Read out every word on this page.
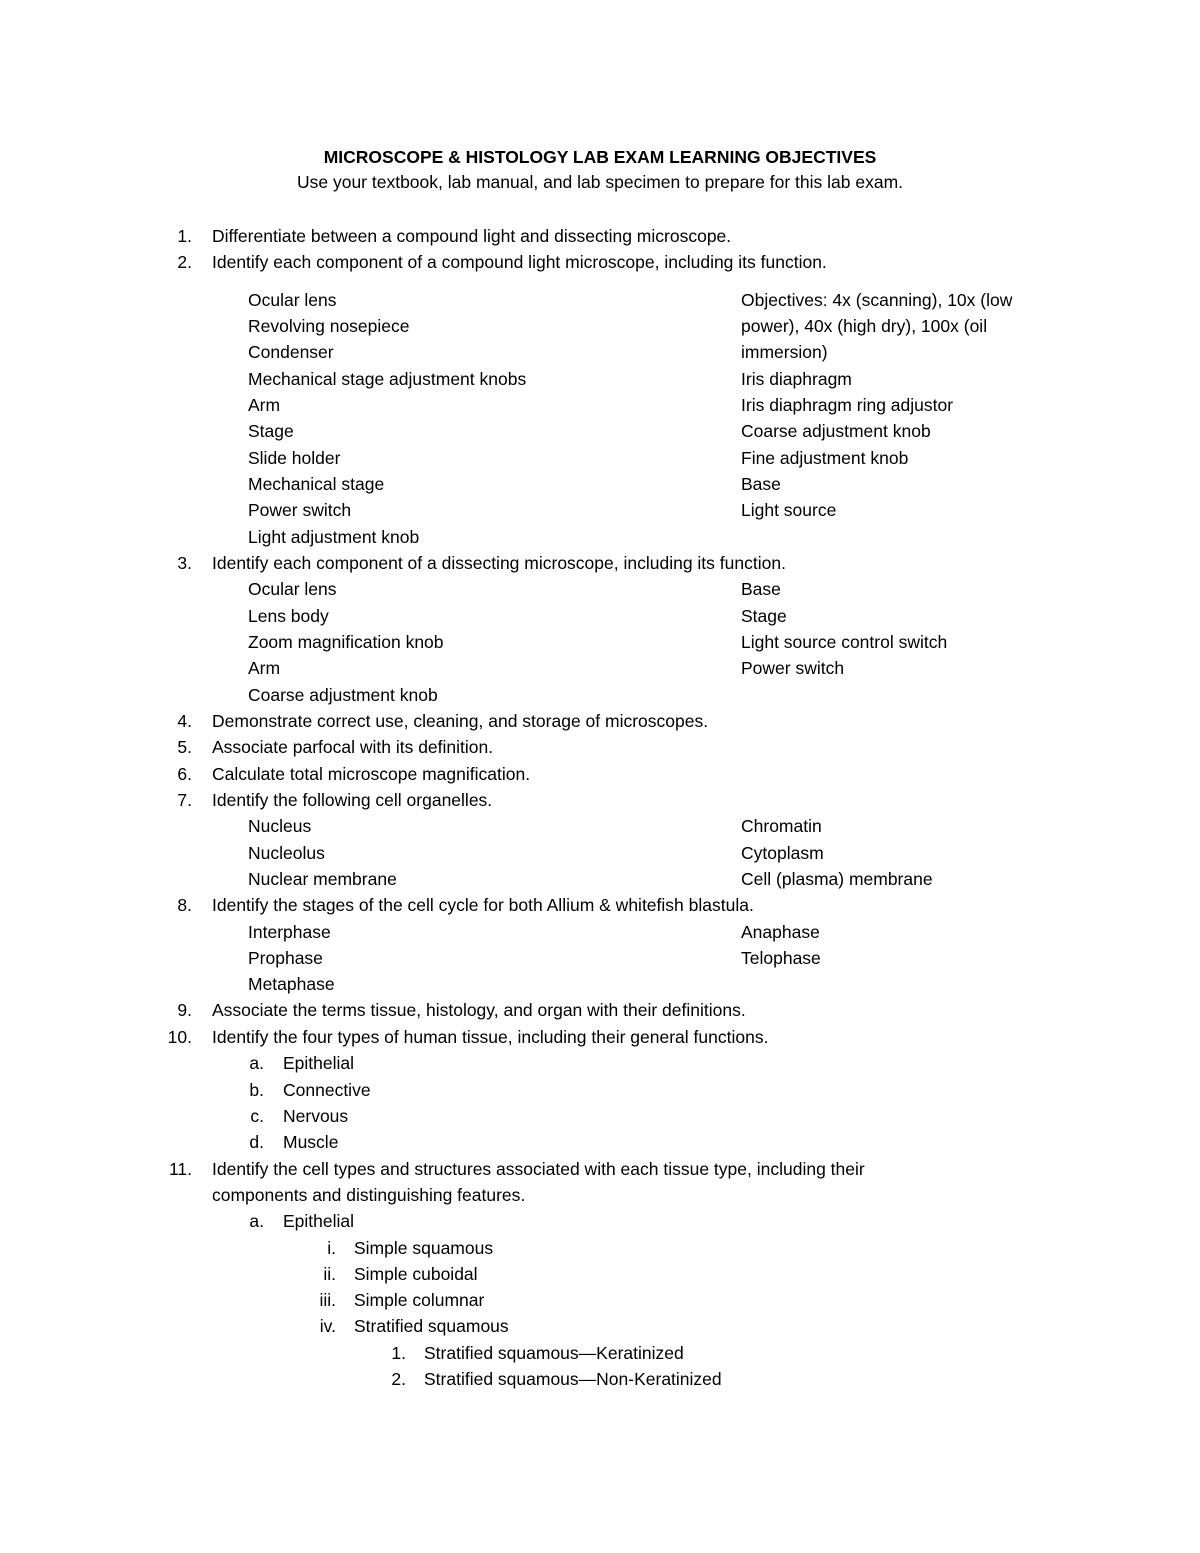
MICROSCOPE & HISTOLOGY LAB EXAM LEARNING OBJECTIVES
Use your textbook, lab manual, and lab specimen to prepare for this lab exam.
1. Differentiate between a compound light and dissecting microscope.
2. Identify each component of a compound light microscope, including its function.
Ocular lens
Revolving nosepiece
Condenser
Mechanical stage adjustment knobs
Arm
Stage
Slide holder
Mechanical stage
Power switch
Light adjustment knob
Objectives: 4x (scanning), 10x (low
power), 40x (high dry), 100x (oil
immersion)
Iris diaphragm
Iris diaphragm ring adjustor
Coarse adjustment knob
Fine adjustment knob
Base
Light source
3. Identify each component of a dissecting microscope, including its function.
Ocular lens
Lens body
Zoom magnification knob
Arm
Coarse adjustment knob
Base
Stage
Light source control switch
Power switch
4. Demonstrate correct use, cleaning, and storage of microscopes.
5. Associate parfocal with its definition.
6. Calculate total microscope magnification.
7. Identify the following cell organelles.
Nucleus
Nucleolus
Nuclear membrane
Chromatin
Cytoplasm
Cell (plasma) membrane
8. Identify the stages of the cell cycle for both Allium & whitefish blastula.
Interphase
Prophase
Metaphase
Anaphase
Telophase
9. Associate the terms tissue, histology, and organ with their definitions.
10. Identify the four types of human tissue, including their general functions.
a. Epithelial
b. Connective
c. Nervous
d. Muscle
11. Identify the cell types and structures associated with each tissue type, including their
components and distinguishing features.
a. Epithelial
i. Simple squamous
ii. Simple cuboidal
iii. Simple columnar
iv. Stratified squamous
1. Stratified squamous—Keratinized
2. Stratified squamous—Non-Keratinized
